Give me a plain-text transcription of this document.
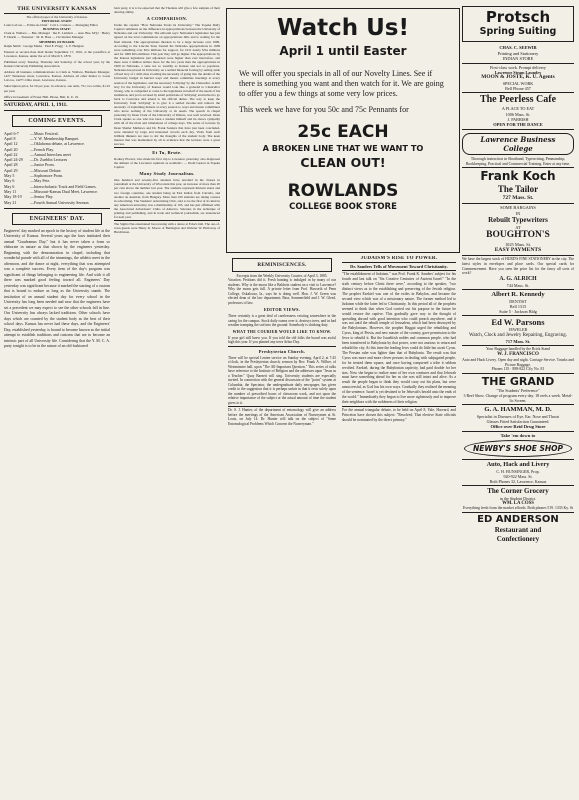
THE UNIVERSITY KANSAN
The official paper of the University of Kansas.
EDITORIAL STAFF:
Louis LaCoss — Editor-in-Chief · Carl L. Cannon — Managing Editor
BUSINESS STAFF:
Clark A. Wallace — Bus. Manager · Ike E. Lambert — Asst. Bus. M'g'r · Henry F. Dearth — Treasurer · M. D. Bass — Circulation Manager
MEMBERS OF BOARD.
Ralph Smith · George Marks · Paul E. Flagg · L. P. Hedgren
Entered as second-class mail matter September 17, 1910, at the postoffice at Lawrence, Kansas, under the act of March 3, 1879.
Published every Tuesday, Thursday and Saturday of the school year, by the Kansas University Publishing Association.
Address all business communications to Clark A. Wallace, Business Manager, 1427 Tennessee street, Lawrence, Kansas. Address all other matter to Louis LaCoss, 1427½ Ohio street, Lawrence, Kansas.
Subscription price, $1.50 per year, in advance; one term, 75c; two terms, $1.25 per year.
Office in basement of Fraser Hall. Phone, Bell, K. U. 25.
SATURDAY, APRIL 1, 1911.
COMING EVENTS.
April 6-7	—Music Festival.
April 8	—Y. W. Membership Banquet.
April 12	—Oklahoma debate, at Lawrence.
April 20	—French Play.
April 22	—Annual Interclass meet
April 24-29	—Dr. Zueblin Lectures
April 28	—Junior Prom.
April 29	—Missouri Debate.
May 5	—Sophomore Prom.
May 6	—May Fete.
May 6	—Interscholastic Track and Field Games.
May 11	—Missouri-Kansas Dual Meet, Lawrence.
May 18-19	—Senior Play.
May 21	—Fourth Annual University Sermon.
ENGINEERS' DAY.
Engineers' day marked an epoch in the history of student life at the University of Kansas. Several years ago the laws instituted their annual "Gaudeamus Day," but it has never taken a form so elaborate in nature as that shown by the engineers yesterday. Beginning with the demonstration in chapel, including that wonderful parade with all of the trimmings, the athletic meet in the afternoon, and the dance at night, everything that was attempted was a complete success. Every item of the day's program was significant of things belonging to engineering life. And with it all there was marked good feeling toward all. Engineers' Day yesterday was significant because it marked the starting of a custom that is bound to endure as long as the University stands. The institution of an annual student day for every school in the University has long been needed and now that the engineers have set a precedent we may expect to see the other schools fall in line. Our University has always lacked traditions. Other schools have days which are counted by the student body as the best of their school days. Kansas has never had these days, and the Engineers' Day, established yesterday, is bound to become known as the initial attempt to establish traditions and customs that are to become an intrinsic part of all University life. Considering that the Y. M. C. A. party tonight is to be in the nature of an old-fashioned
barn party, it is to be expected that the Thetians will give a few samples of their dancing ability.
A COMPARISON.
Under the caption "How Nebraska Treats its University," The Topeka Daily Capital comments on the difference in appropriations between the University of Nebraska and our University. The editorial says: Nebraska's legislature has just agreed on the total commissions on appropriations bills and is waiting for the final amount. The appropriations threaten to be a large increase over 1909. According to the Lincoln State Journal the Nebraska appropriations in 1909 were something over $2¼ millions for support, for 1911 nearly $3¼ millions and for 1909 $2¼ millions. This year they will go higher. The appropriations by the Kansas legislature just adjourned were higher than ever heretofore, and there were 2 million dollars more for the two years than the appropriations in 1909 in Nebraska, a state not so wealthy as Kansas and not so populous. Nebraska has placed its University on a settled financial footing by setting aside a fixed levy of 1 mill, thus avoiding the necessity of going into the details of the University budget in hurried ways and means committee meetings at every session of the legislature, and the necessary 'lobbying' by the Chancellor. A mill levy for the University of Kansas would look like a godsend to Chancellor Strong, who is compelled to come to the legislature in behalf of the needs of his institution, and yet is accused by small politicians of 'lobbying' and invited to go back to Lawrence and attend to his official duties. The way to keep the University from 'lobbying' is to give it a settled income and remove the necessity of explaining matters at every session to ways and means committees who know nothing of the University or its needs. The speech in chapel yesterday by Dean Clark of the University of Illinois, was well received. Dean Clark speaks as one who has been a student himself and he shows sympathy with all of the trials and tribulations of college days. The series of lectures by Dean Shailer Mathews and Dr. Frank Sanders that have just been concluded, were attended by large and interested crowds each day. Visits from such brilliant thinkers are sure to stir the thoughts of the student body. The keen interest that was maintained by all is evidence that the lectures were a great success.
Et Tu, Brute.
Rodney Elward, who made his first trip to Lawrence yesterday, also diagnosed the ailment of the Lawrence squirrels as sodaholic. — Dodd Gaston in Topeka Capital.
Many Study Journalism.
One hundred and seventy-five students have enrolled in the classes in journalism at the University of Wisconsin this year, an increase of more than 20 per cent above the number last year. The students represent thirteen states and two foreign countries, one student being an East Indian from Calcutta, and another an Austrian, from Hungary. More than 100 students are taking courses in advertising. The Students' Advertising Club, said to be the first of its kind in any American university, has a membership of 105, and has just affiliated with the Associated Advertisers' Clubs of America. Veterans in the technique of printing and publishing, and in trade and technical journalism, are announced for next year.
The Sigma Nus entertained last evening with a dance at Ecke's hall. The out-of-town guests were Henry R. Moore of Burlington and Webster W. Holloway of Hutchinson.
Watch Us!
April 1 until Easter
We will offer you specials in all of our Novelty Lines. See if there is something you want and then watch for it. We are going to offer you a few things at some very low prices.
This week we have for you 50c and 75c Pennants for
25c EACH
A BROKEN LINE THAT WE WANT TO
CLEAN OUT!
ROWLANDS
COLLEGE BOOK STORE
REMINISCENCES.
Excerpts from the Weekly University Courier, of April 3, 1885.
Vacation. Petitions did it. Fresh hunting is indulged in by many of our students. Why is the moon like a Baldwin student on a visit to Lawrence? Why the moon gets full. A private letter from Prof. Haworth of Penn College, Oskaloosa, Ia., says he is doing well. Hon. J. W. Green was elected dean of the law department; Bass, Sommerfield and J. W. Gleed, professors of law.
EDITOR VIEWS.
There certainly is a great deal of carelessness existing somewhere in the caring for the campus. Stock daily roams over it, destroys trees, and in bad weather tramping the sod into the ground. Somebody is shirking duty.
WHAT THE COURIER WOULD LIKE TO KNOW.
If your girl still knew you. If you told the old folks the board was awful high this year. If you planted any trees Arbor Day.
Presbyterian Church.
There will be special Lenten service on Sunday evening, April 2, at 7:45 o'clock, in the Presbyterian church; sermon by Rev. Frank A. Wilber, of Westminster hall, upon "The All-Important Question." This series of talks have reference to the Institute of Religion and the addresses upon "Jesus as a Teacher." Quay Barnett will sing. University students are especially invited. In connection with the general discussion of the "point" system at Columbia, the Spectator, the undergraduate daily newspaper, has given credit to the suggestion that it is perhaps unfair in that it rests solely upon the number of prescribed hours of classroom work, and not upon the relative importance of the subject or the actual amount of time the student gives to it.
Dr. S. J. Hunter, of the department of entomology will give an address before the meetings of the American Association of Nurserymen at St. Louis, on July 14. Dr. Hunter will talk on the subject of "Some Entomological Problems Which Concern the Nurseryman."
JUDAISM'S RISE TO POWER.
Dr. Sanders Tells of Movement Toward Christianity.
"The establishment of Judaism," was Prof. Frank K. Sanders' subject for his fourth and last talk on "Six Creative Centuries of Ancient Israel." "In the sixth century before Christ there were," according to the speaker, "two distinct views as to the establishing and preserving of the Jewish religion. The prophet Ezekiel was one of the exiles in Babylon, and became the second view which was of a missionary nature. The former method led to Judaism while the latter led to Christianity. In this period all of the prophets seemed to think that when God carried out his purpose in the future he would restore the captive. This gradually gave way to the thought of spreading abroad with good intention who could preach anywhere, and it was not until the rebuilt temple of Jerusalem, which had been destroyed by the Babylonians. However, the prophet Haggai urged the rebuilding and Cyrus, king of Persia, and new master of the country, gave permission to the Jews to rebuild it. But the Israelitish nobles and common people, who had been transferred to Babylonia by that power, were not anxious to return and rebuild the city. At this time the leading Jews could do little but await Cyrus. The Persian ruler was lighter than that of Babylonia. The result was that Cyrus was more and more clever persons in dealing with subjugated people, for he treated them square, and once having conquered a tribe it seldom revolted. Ezekiel, during the Babylonian captivity, had paid double for her sins. Now she began to realize none of her own creatures and that Jehovah must have something ahead for her as she was still intact and alive. As a result the people began to think they would carry out his plans, but were unsuccessful, as God has his own ways. Gradually they realized the meaning of the sentence. Israel is yet destined to be Jehovah's herald unto the ends of the world." Immediately they began to live more righteously and to improve their neighbors with the nobleness of their religion.
For the annual triangular debate, to be held on April 8, Yale, Harvard, and Princeton have chosen this subject: "Resolved, That elective State officials should be nominated by the direct primary."
Protsch
Spring Suiting
CHAS. C. SEEWIR
Printing and Stationery
INDIAN STORE
First-class work. Prompt delivery
Lawrence Steam Laundry
MOON & JOSTE, K. U. Agents
SPECIAL WORK
Bell Phone 457
The Peerless Cafe
A PLACE TO EAT
1006 Mass. St.
J. PARRISH
OPEN FOR THE DANCE
Lawrence Business College
Thorough instruction in Shorthand, Typewriting, Penmanship, Bookkeeping, Practical and Commercial Training. Enter at any time.
Frank Koch
The Tailor
727 Mass. St.
SOME BARGAINS
IN
Rebuilt Typewriters
AT
BOUGHTON'S
1025 Mass. St.
EASY PAYMENTS
We have the largest stock of HURD'S FINE STATIONERY in the city. The latest styles in envelopes and place cards. Our special cards for Commencement. Have you seen the price list for the fancy all sorts of work?
A. G. ALRICH
744 Mass. St.
Albert R. Kennedy
DENTIST
Bell 1315
Suite 5 · Jackson Bldg
Ed W. Parsons
JEWELER
Watch, Clock and Jewelry Repairing, Engraving.
717 Mass. St.
Your Baggage handled by the Brick Stand
W. J. FRANCISCO
Auto and Hack Livery. Open day and night. Carriage Service. Trunks and Picture Baggage.
Phones 135 · 888-822 Ch'y No. 81
THE GRAND
"The Students' Preference"
3 Reel Show. Change of program every day. 18 reels a week. Metal-lic Screen.
G. A. HAMMAN, M. D.
Specialist in Diseases of Eye, Ear, Nose and Throat
Glasses Fitted Satisfaction Guaranteed.
Office over Reid Drug Store
Take 'em down to
NEWBY'S SHOE SHOP
Auto, Hack and Livery
C. H. HUNSINGER, Prop.
920-922 Mass. St.
Both Phones 32, Lawrence, Kansas
The Corner Grocery
in the Student District.
WM. LA COSS
Everything fresh from the market affords. Both phones 519. 1333 Ky. St
ED ANDERSON
Restaurant and
Confectionery
